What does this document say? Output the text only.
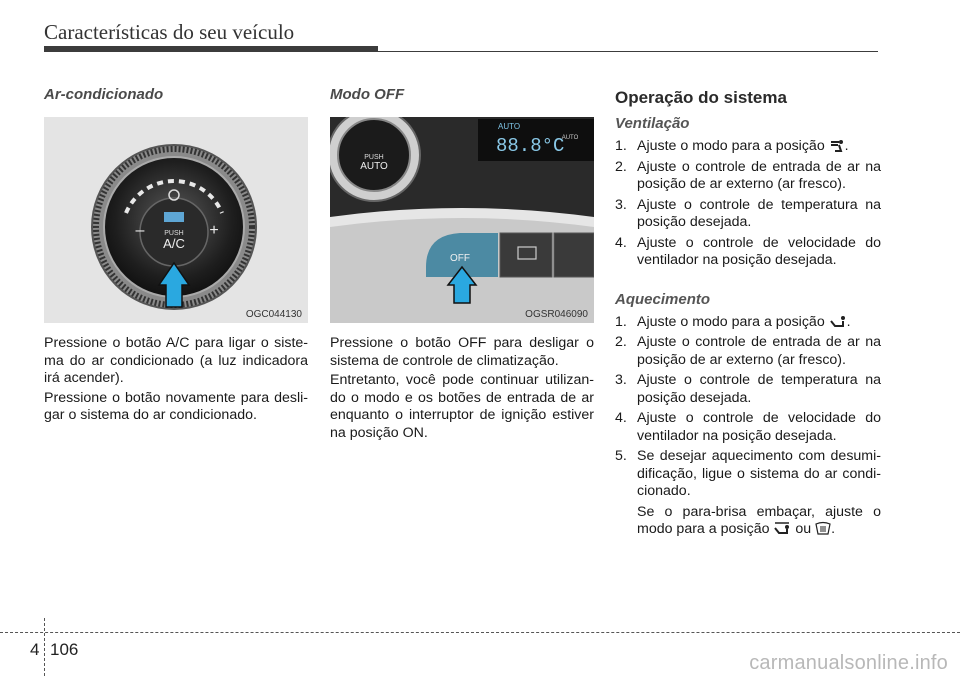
Características do seu veículo
Ar-condicionado
PUSH
A/C
–	+
OGC044130

Pressione o botão A/C para ligar o siste-ma do ar condicionado (a luz indicadora irá acender).

Pressione o botão novamente para desli-gar o sistema do ar condicionado.

Modo OFF
PUSH
AUTO
AUTO
88.8°C
AUTO
OFF
OGSR046090

Pressione o botão OFF para desligar o sistema de controle de climatização.

Entretanto, você pode continuar utilizan-do o modo e os botões de entrada de ar enquanto o interruptor de ignição estiver na posição ON.

Operação do sistema
Ventilação
1. Ajuste o modo para a posição .
2. Ajuste o controle de entrada de ar na posição de ar externo (ar fresco).
3. Ajuste o controle de temperatura na posição desejada.
4. Ajuste o controle de velocidade do ventilador na posição desejada.
Aquecimento
1. Ajuste o modo para a posição .
2. Ajuste o controle de entrada de ar na posição de ar externo (ar fresco).
3. Ajuste o controle de temperatura na posição desejada.
4. Ajuste o controle de velocidade do ventilador na posição desejada.
5. Se desejar aquecimento com desumi-dificação, ligue o sistema do ar condi-cionado.
Se o para-brisa embaçar, ajuste o modo para a posição ou .
4 106
carmanualsonline.info
